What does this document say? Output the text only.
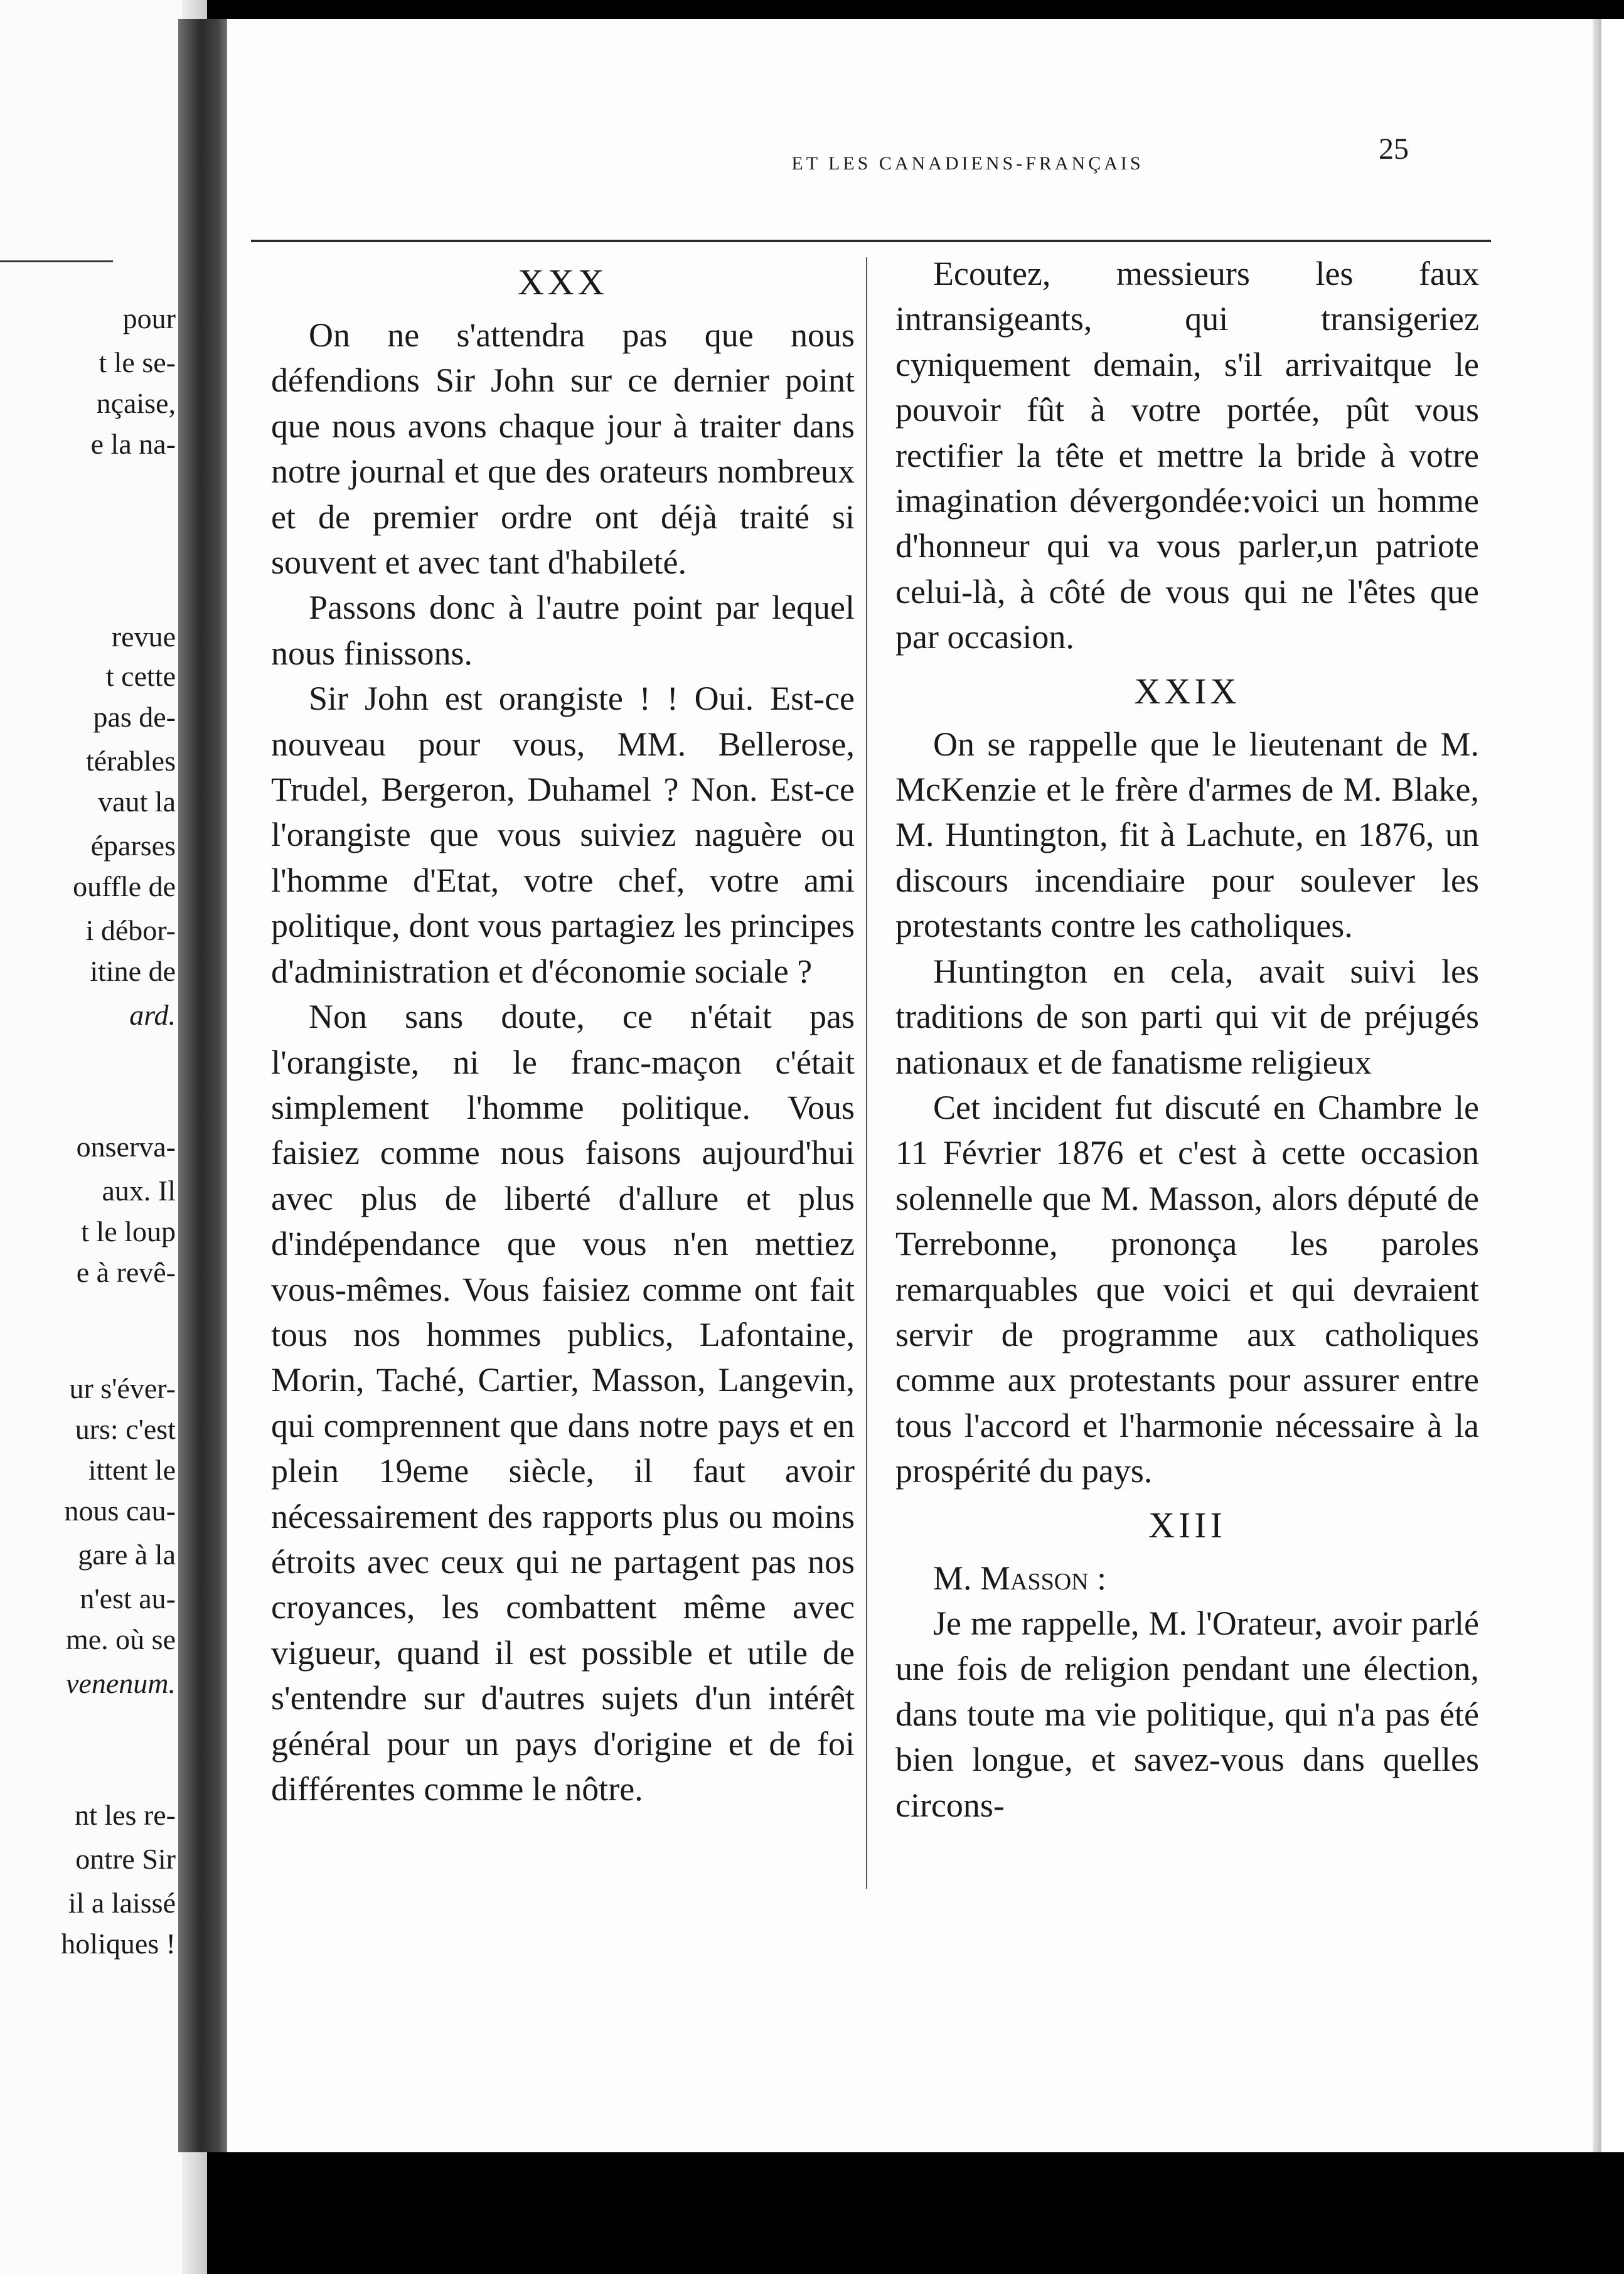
pour
t le se-
nçaise,
e la na-
revue
t cette
pas de-
térables
vaut la
éparses
ouffle de
i débor-
itine de
ard.
onserva-
aux. Il
t le loup
e à revê-
ur s'éver-
urs: c'est
ittent le
nous cau-
gare à la
n'est au-
me. où se
venenum.
nt les re-
ontre Sir
il a laissé
holiques !
ET LES CANADIENS-FRANÇAIS	25
XXX

On ne s'attendra pas que nous défendions Sir John sur ce dernier point que nous avons chaque jour à traiter dans notre journal et que des orateurs nombreux et de premier ordre ont déjà traité si souvent et avec tant d'habileté.

Passons donc à l'autre point par lequel nous finissons.

Sir John est orangiste ! ! Oui. Est-ce nouveau pour vous, MM. Bellerose, Trudel, Bergeron, Duhamel ? Non. Est-ce l'orangiste que vous suiviez naguère ou l'homme d'Etat, votre chef, votre ami politique, dont vous partagiez les principes d'administration et d'économie sociale ?

Non sans doute, ce n'était pas l'orangiste, ni le franc-maçon c'était simplement l'homme politique. Vous faisiez comme nous faisons aujourd'hui avec plus de liberté d'allure et plus d'indépendance que vous n'en mettiez vous-mêmes. Vous faisiez comme ont fait tous nos hommes publics, Lafontaine, Morin, Taché, Cartier, Masson, Langevin, qui comprennent que dans notre pays et en plein 19eme siècle, il faut avoir nécessairement des rapports plus ou moins étroits avec ceux qui ne partagent pas nos croyances, les combattent même avec vigueur, quand il est possible et utile de s'entendre sur d'autres sujets d'un intérêt général pour un pays d'origine et de foi différentes comme le nôtre.

Ecoutez, messieurs les faux intransigeants, qui transigeriez cyniquement demain, s'il arrivaitque le pouvoir fût à votre portée, pût vous rectifier la tête et mettre la bride à votre imagination dévergondée:voici un homme d'honneur qui va vous parler,un patriote celui-là, à côté de vous qui ne l'êtes que par occasion.

XXIX

On se rappelle que le lieutenant de M. McKenzie et le frère d'armes de M. Blake, M. Huntington, fit à Lachute, en 1876, un discours incendiaire pour soulever les protestants contre les catholiques.

Huntington en cela, avait suivi les traditions de son parti qui vit de préjugés nationaux et de fanatisme religieux

Cet incident fut discuté en Chambre le 11 Février 1876 et c'est à cette occasion solennelle que M. Masson, alors député de Terrebonne, prononça les paroles remarquables que voici et qui devraient servir de programme aux catholiques comme aux protestants pour assurer entre tous l'accord et l'harmonie nécessaire à la prospérité du pays.

XIII

M. Masson :

Je me rappelle, M. l'Orateur, avoir parlé une fois de religion pendant une élection, dans toute ma vie politique, qui n'a pas été bien longue, et savez-vous dans quelles circons-
